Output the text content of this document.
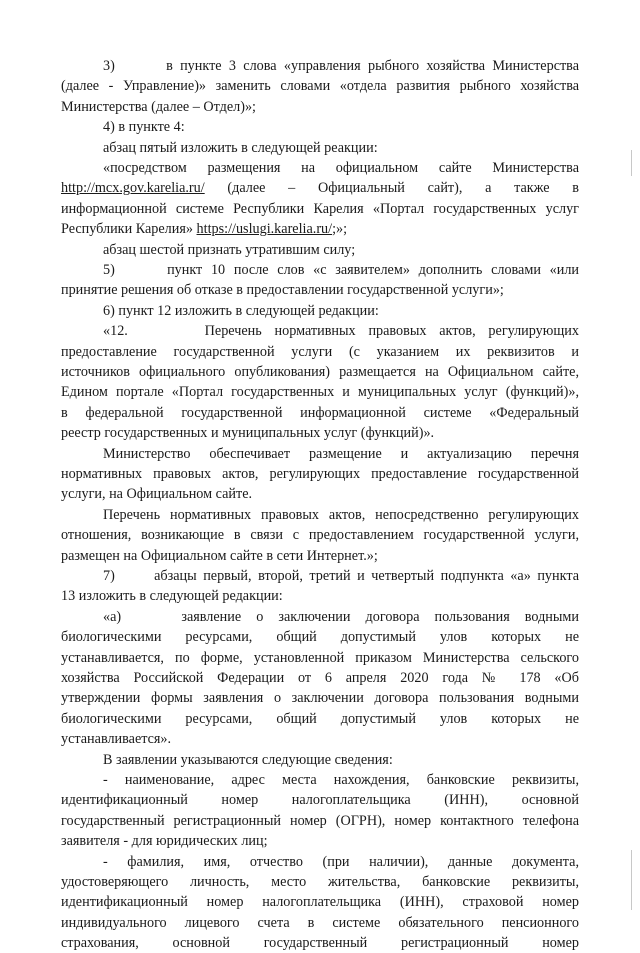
3)       в пункте 3 слова «управления рыбного хозяйства Министерства
(далее - Управление)» заменить словами «отдела развития рыбного хозяйства
Министерства (далее – Отдел)»;
4) в пункте 4:
абзац пятый изложить в следующей реакции:
«посредством размещения на официальном сайте Министерства
http://mcx.gov.karelia.ru/ (далее – Официальный сайт), а также в
информационной системе Республики Карелия «Портал государственных услуг
Республики Карелия» https://uslugi.karelia.ru/;»;
абзац шестой признать утратившим силу;
5)      пункт 10 после слов «с заявителем» дополнить словами «или
принятие решения об отказе в предоставлении государственной услуги»;
6) пункт 12 изложить в следующей редакции:
«12.      Перечень нормативных правовых актов, регулирующих
предоставление государственной услуги (с указанием их реквизитов и
источников официального опубликования) размещается на Официальном сайте,
Едином портале «Портал государственных и муниципальных услуг (функций)»,
в федеральной государственной информационной системе «Федеральный
реестр государственных и муниципальных услуг (функций)».
Министерство обеспечивает размещение и актуализацию перечня
нормативных правовых актов, регулирующих предоставление государственной
услуги, на Официальном сайте.
Перечень нормативных правовых актов, непосредственно регулирующих
отношения, возникающие в связи с предоставлением государственной услуги,
размещен на Официальном сайте в сети Интернет.»;
7)      абзацы первый, второй, третий и четвертый подпункта «а» пункта
13 изложить в следующей редакции:
«а)    заявление о заключении договора пользования водными
биологическими ресурсами, общий допустимый улов которых не
устанавливается, по форме, установленной приказом Министерства сельского
хозяйства Российской Федерации от 6 апреля 2020 года № 178 «Об
утверждении формы заявления о заключении договора пользования водными
биологическими ресурсами, общий допустимый улов которых не
устанавливается».
В заявлении указываются следующие сведения:
- наименование, адрес места нахождения, банковские реквизиты,
идентификационный номер налогоплательщика (ИНН), основной
государственный регистрационный номер (ОГРН), номер контактного телефона
заявителя - для юридических лиц;
- фамилия, имя, отчество (при наличии), данные документа,
удостоверяющего личность, место жительства, банковские реквизиты,
идентификационный номер налогоплательщика (ИНН), страховой номер
индивидуального лицевого счета в системе обязательного пенсионного
страхования, основной государственный регистрационный номер
